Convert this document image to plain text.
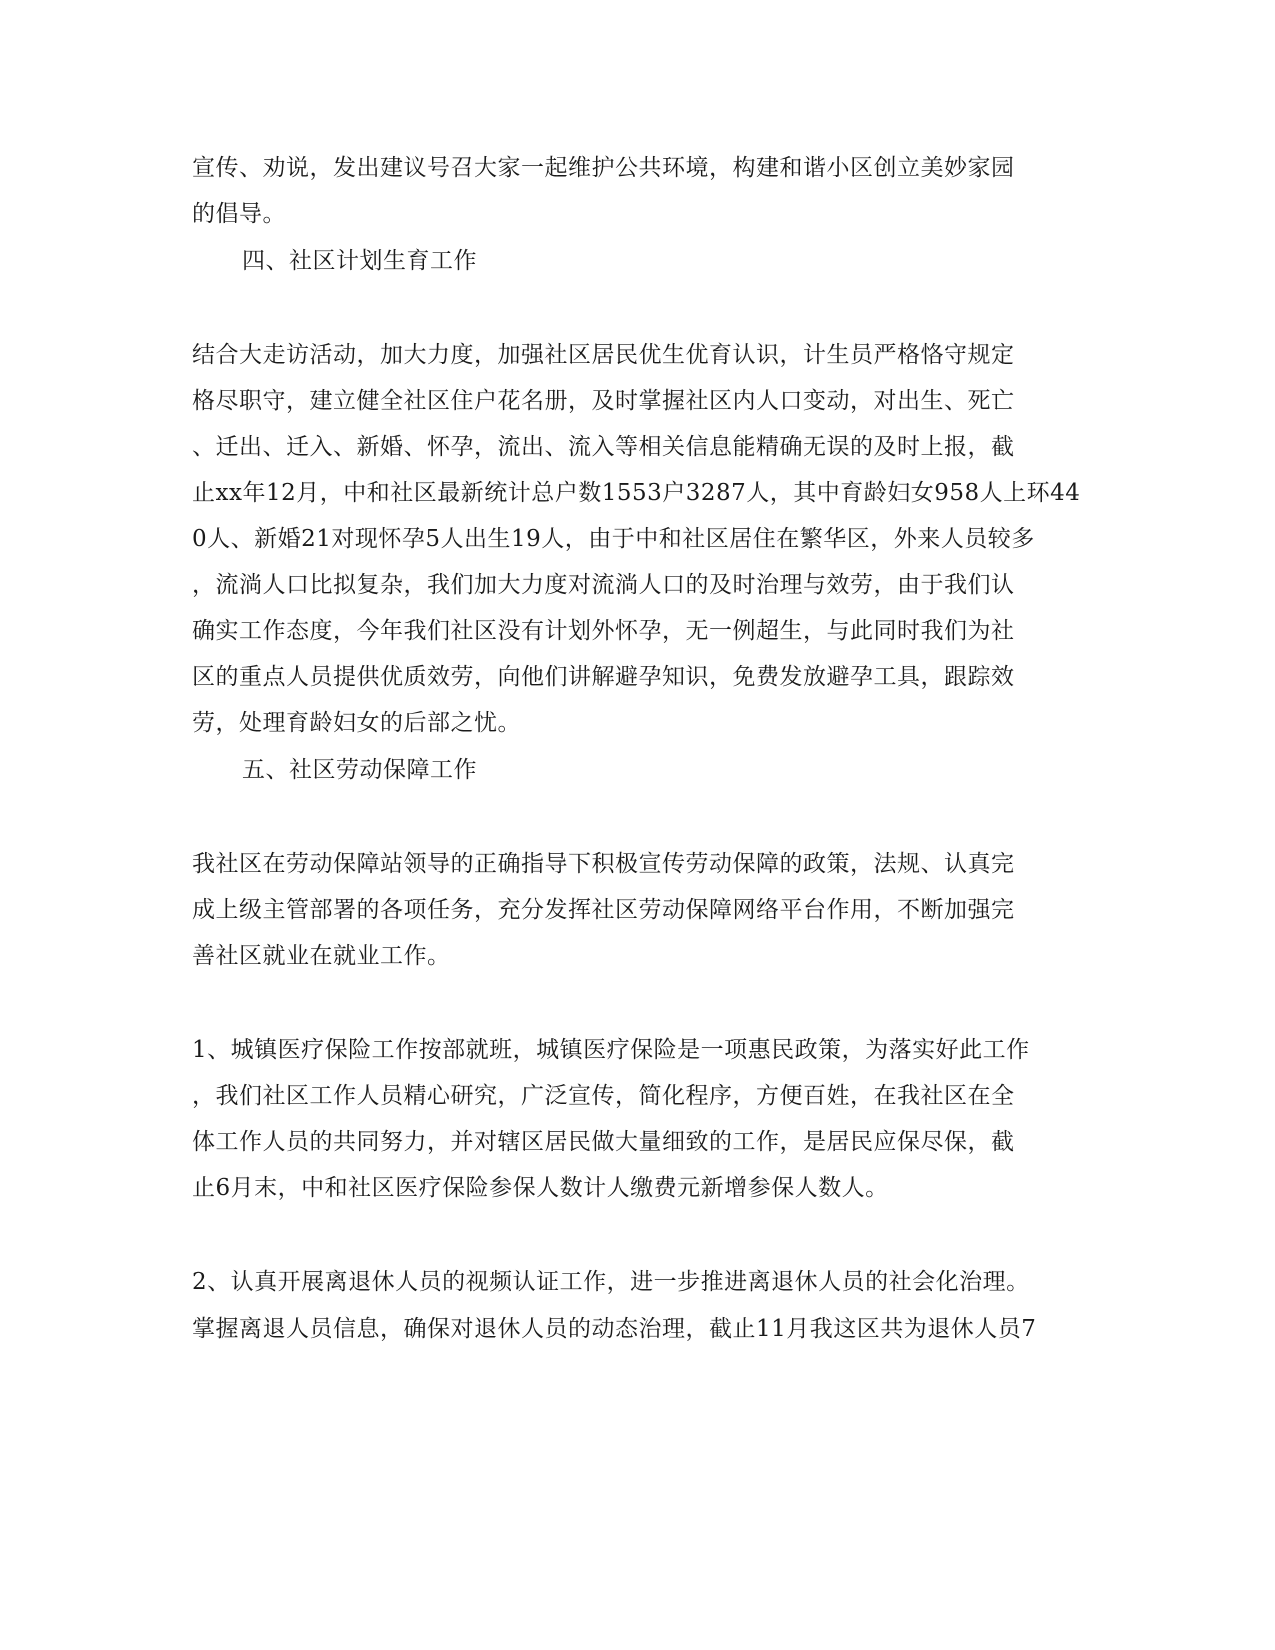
宣传、劝说，发出建议号召大家一起维护公共环境，构建和谐小区创立美妙家园
的倡导。
四、社区计划生育工作
结合大走访活动，加大力度，加强社区居民优生优育认识，计生员严格恪守规定
格尽职守，建立健全社区住户花名册，及时掌握社区内人口变动，对出生、死亡
、迁出、迁入、新婚、怀孕，流出、流入等相关信息能精确无误的及时上报，截
止xx年12月，中和社区最新统计总户数1553户3287人，其中育龄妇女958人上环44
0人、新婚21对现怀孕5人出生19人，由于中和社区居住在繁华区，外来人员较多
，流淌人口比拟复杂，我们加大力度对流淌人口的及时治理与效劳，由于我们认
确实工作态度，今年我们社区没有计划外怀孕，无一例超生，与此同时我们为社
区的重点人员提供优质效劳，向他们讲解避孕知识，免费发放避孕工具，跟踪效
劳，处理育龄妇女的后部之忧。
五、社区劳动保障工作
我社区在劳动保障站领导的正确指导下积极宣传劳动保障的政策，法规、认真完
成上级主管部署的各项任务，充分发挥社区劳动保障网络平台作用，不断加强完
善社区就业在就业工作。
1、城镇医疗保险工作按部就班，城镇医疗保险是一项惠民政策，为落实好此工作
，我们社区工作人员精心研究，广泛宣传，简化程序，方便百姓，在我社区在全
体工作人员的共同努力，并对辖区居民做大量细致的工作，是居民应保尽保，截
止6月末，中和社区医疗保险参保人数计人缴费元新增参保人数人。
2、认真开展离退休人员的视频认证工作，进一步推进离退休人员的社会化治理。
掌握离退人员信息，确保对退休人员的动态治理，截止11月我这区共为退休人员7
